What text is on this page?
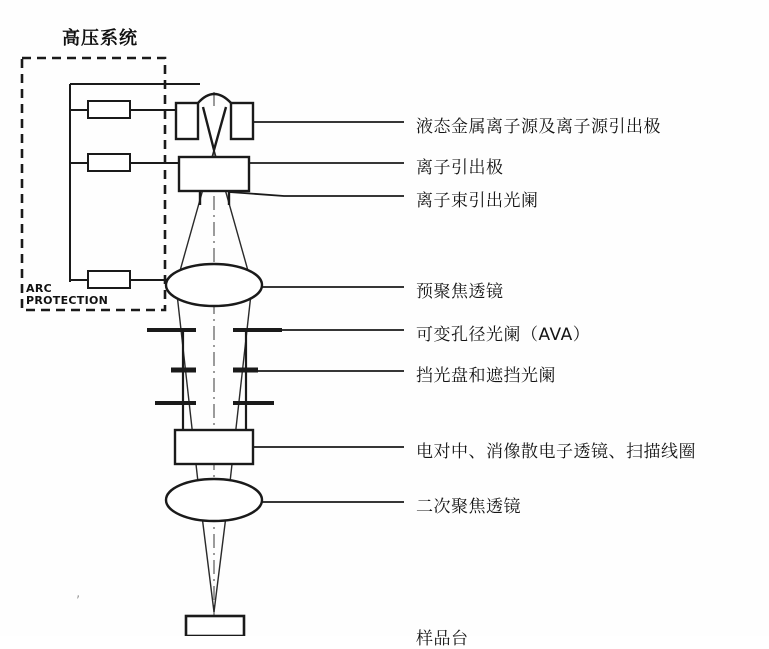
高压系统
ARC
PROTECTION
液态金属离子源及离子源引出极
离子引出极
离子束引出光阑
预聚焦透镜
可变孔径光阑（AVA）
挡光盘和遮挡光阑
电对中、消像散电子透镜、扫描线圈
二次聚焦透镜
样品台
ʼ
